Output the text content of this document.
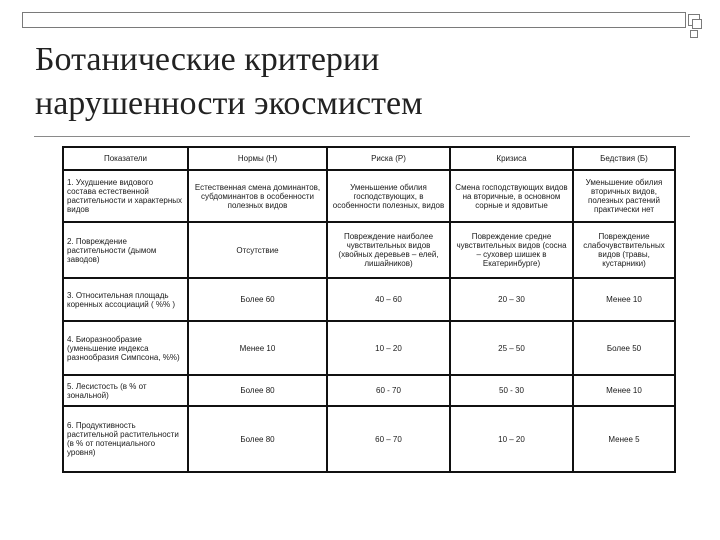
Ботанические критерии
нарушенности экосмистем
Показатели	Нормы (Н)	Риска (Р)	Кризиса	Бедствия (Б)
1. Ухудшение видового состава естественной растительности и характерных видов	Естественная смена доминантов, субдоминантов в особенности полезных видов	Уменьшение обилия господствующих, в особенности полезных, видов	Смена господствующих видов на вторичные, в основном сорные и ядовитые	Уменьшение обилия вторичных видов, полезных растений практически нет
2. Повреждение растительности (дымом заводов)	Отсутствие	Повреждение наиболее чувствительных видов (хвойных деревьев – елей, лишайников)	Повреждение средне чувствительных видов (сосна – суховер шишек в Екатеринбурге)	Повреждение слабочувствительных видов (травы, кустарники)
3. Относительная площадь коренных ассоциаций ( %% )	Более 60	40 – 60	20 – 30	Менее 10
4. Биоразнообразие (уменьшение индекса разнообразия Симпсона, %%)	Менее 10	10 – 20	25 – 50	Более 50
5. Лесистость (в % от зональной)	Более 80	60 - 70	50 - 30	Менее 10
6. Продуктивность растительной растительности (в % от потенциального уровня)	Более 80	60 – 70	10 – 20	Менее 5
